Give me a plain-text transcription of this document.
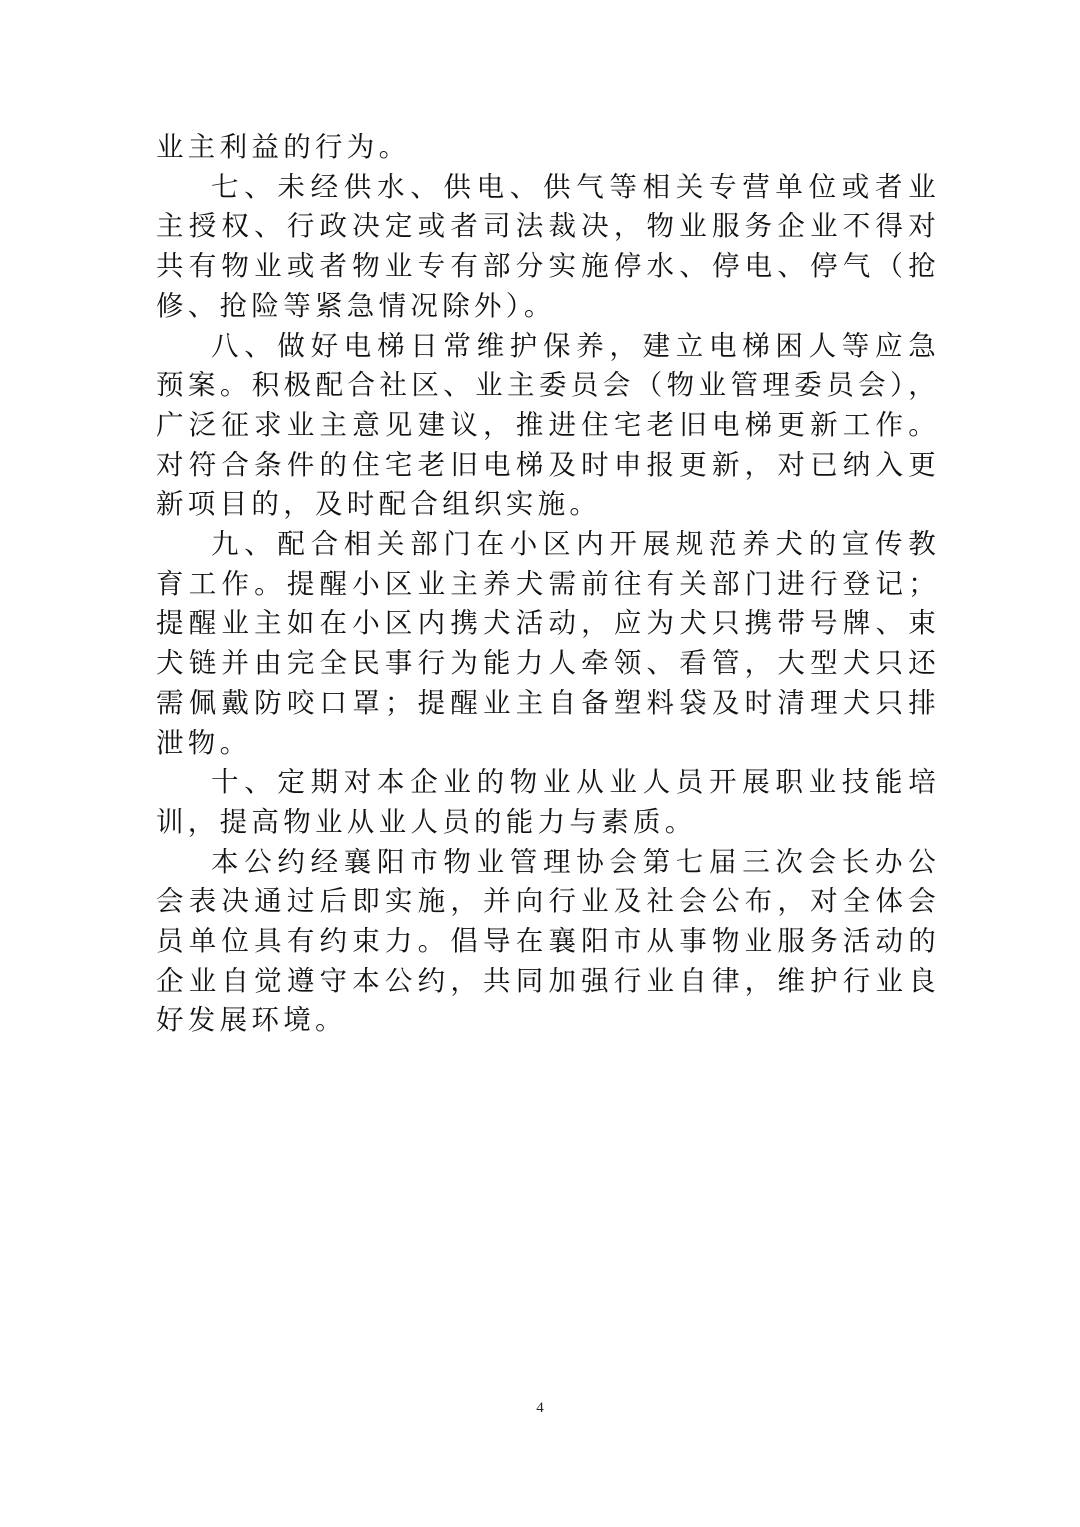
业主利益的行为。

七、未经供水、供电、供气等相关专营单位或者业主授权、行政决定或者司法裁决，物业服务企业不得对共有物业或者物业专有部分实施停水、停电、停气（抢修、抢险等紧急情况除外）。

八、做好电梯日常维护保养，建立电梯困人等应急预案。积极配合社区、业主委员会（物业管理委员会），广泛征求业主意见建议，推进住宅老旧电梯更新工作。对符合条件的住宅老旧电梯及时申报更新，对已纳入更新项目的，及时配合组织实施。

九、配合相关部门在小区内开展规范养犬的宣传教育工作。提醒小区业主养犬需前往有关部门进行登记；提醒业主如在小区内携犬活动，应为犬只携带号牌、束犬链并由完全民事行为能力人牵领、看管，大型犬只还需佩戴防咬口罩；提醒业主自备塑料袋及时清理犬只排泄物。

十、定期对本企业的物业从业人员开展职业技能培训，提高物业从业人员的能力与素质。

本公约经襄阳市物业管理协会第七届三次会长办公会表决通过后即实施，并向行业及社会公布，对全体会员单位具有约束力。倡导在襄阳市从事物业服务活动的企业自觉遵守本公约，共同加强行业自律，维护行业良好发展环境。

4
